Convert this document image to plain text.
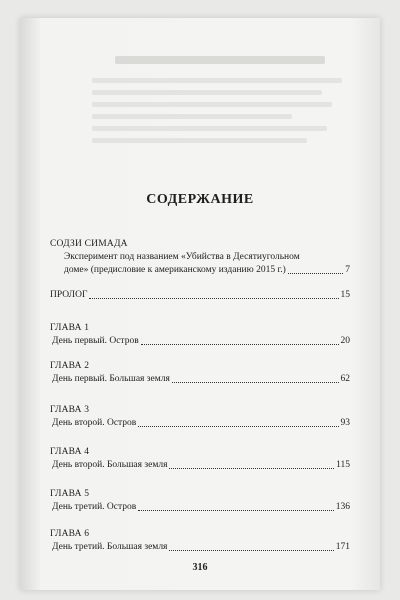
СОДЕРЖАНИЕ
СОДЗИ СИМАДА
Эксперимент под названием «Убийства в Десятиугольном
доме» (предисловие к американскому изданию 2015 г.)	7
ПРОЛОГ	15
ГЛАВА 1
День первый. Остров	20
ГЛАВА 2
День первый. Большая земля	62
ГЛАВА 3
День второй. Остров	93
ГЛАВА 4
День второй. Большая земля	115
ГЛАВА 5
День третий. Остров	136
ГЛАВА 6
День третий. Большая земля	171
316
